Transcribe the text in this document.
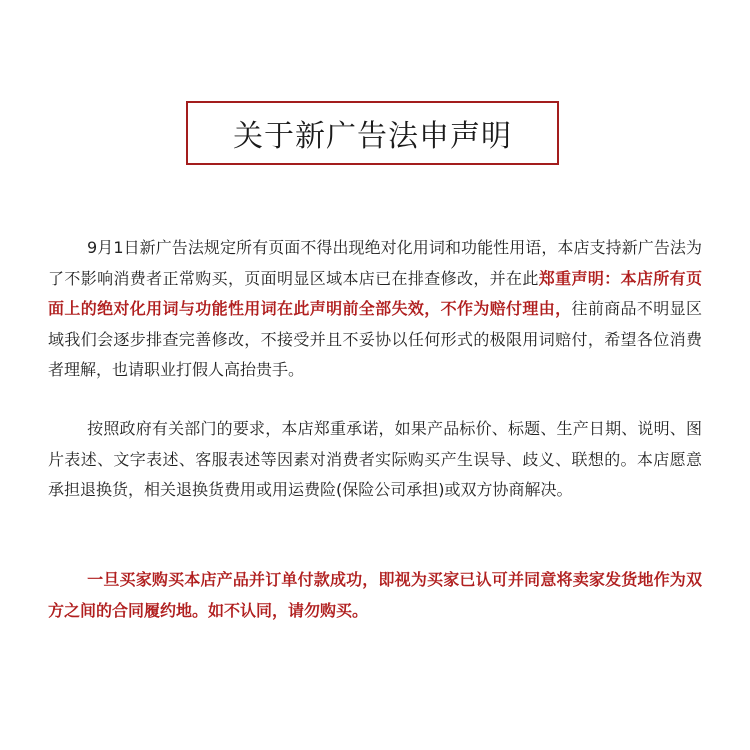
关于新广告法申声明

9月1日新广告法规定所有页面不得出现绝对化用词和功能性用语，本店支持新广告法为了不影响消费者正常购买，页面明显区域本店已在排查修改，并在此郑重声明：本店所有页面上的绝对化用词与功能性用词在此声明前全部失效，不作为赔付理由，往前商品不明显区域我们会逐步排查完善修改，不接受并且不妥协以任何形式的极限用词赔付，希望各位消费者理解，也请职业打假人高抬贵手。

按照政府有关部门的要求，本店郑重承诺，如果产品标价、标题、生产日期、说明、图片表述、文字表述、客服表述等因素对消费者实际购买产生误导、歧义、联想的。本店愿意承担退换货，相关退换货费用或用运费险(保险公司承担)或双方协商解决。

一旦买家购买本店产品并订单付款成功，即视为买家已认可并同意将卖家发货地作为双方之间的合同履约地。如不认同，请勿购买。
